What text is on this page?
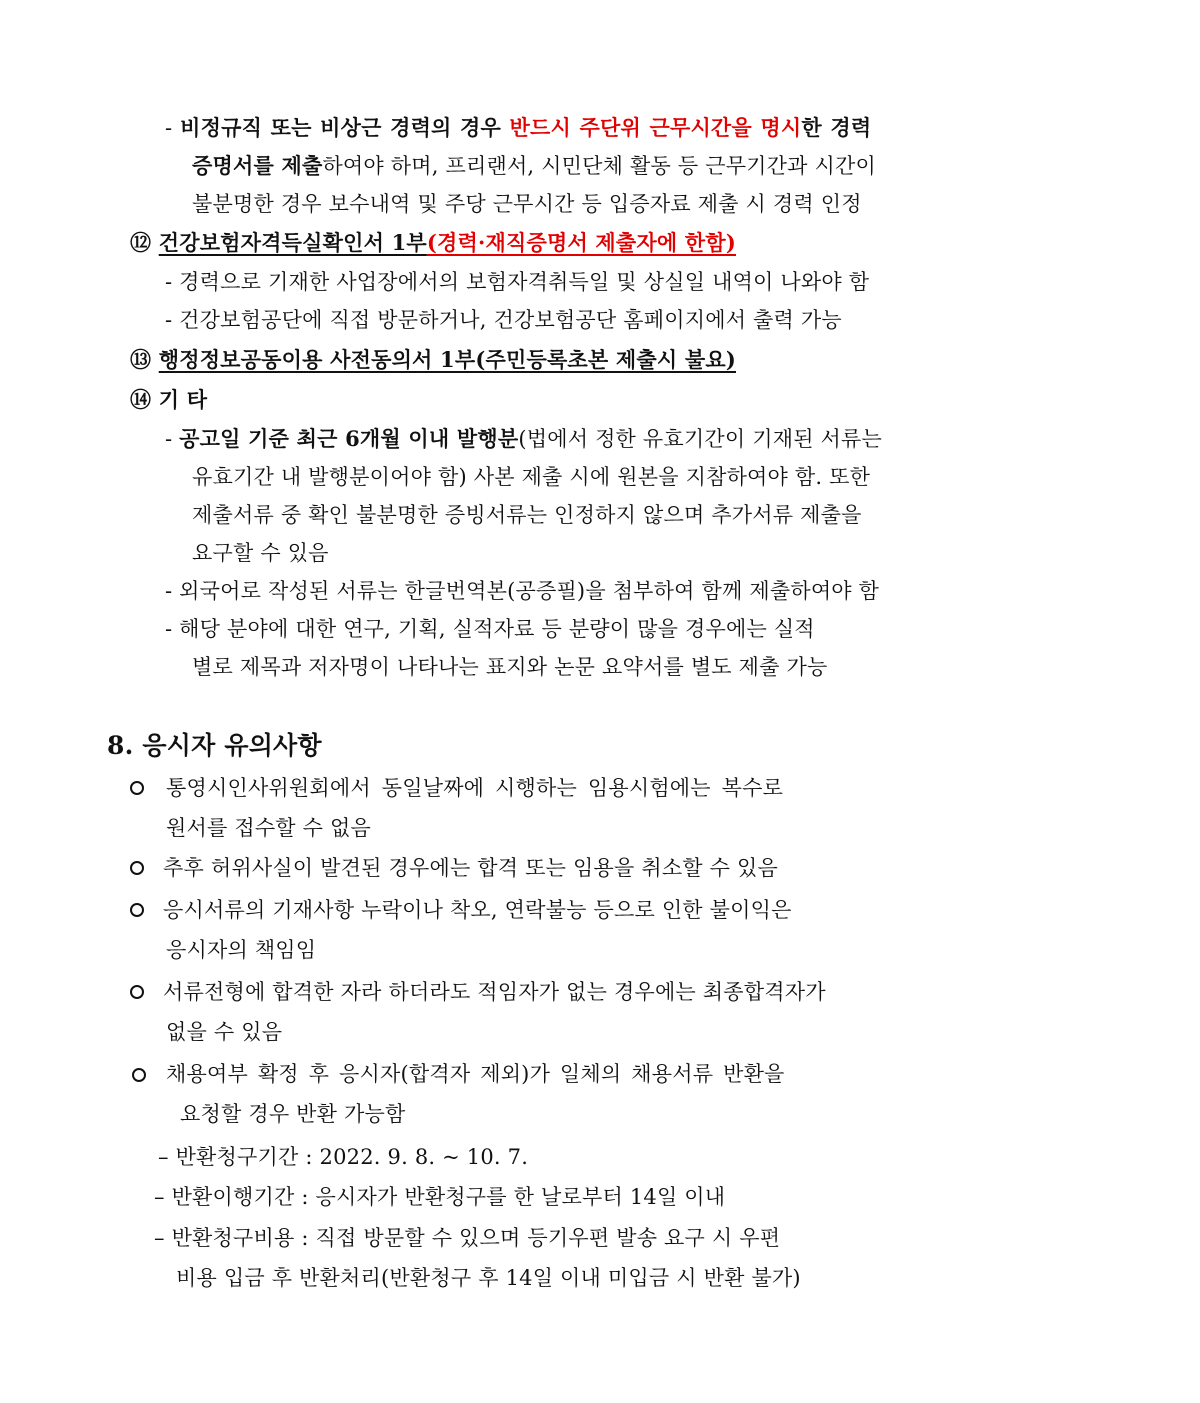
- 비정규직 또는 비상근 경력의 경우 반드시 주단위 근무시간을 명시한 경력
증명서를 제출하여야 하며, 프리랜서, 시민단체 활동 등 근무기간과 시간이
불분명한 경우 보수내역 및 주당 근무시간 등 입증자료 제출 시 경력 인정
⑫ 건강보험자격득실확인서 1부(경력·재직증명서 제출자에 한함)
- 경력으로 기재한 사업장에서의 보험자격취득일 및 상실일 내역이 나와야 함
- 건강보험공단에 직접 방문하거나, 건강보험공단 홈페이지에서 출력 가능
⑬ 행정정보공동이용 사전동의서 1부(주민등록초본 제출시 불요)
⑭ 기 타
- 공고일 기준 최근 6개월 이내 발행분(법에서 정한 유효기간이 기재된 서류는
유효기간 내 발행분이어야 함) 사본 제출 시에 원본을 지참하여야 함. 또한
제출서류 중 확인 불분명한 증빙서류는 인정하지 않으며 추가서류 제출을
요구할 수 있음
- 외국어로 작성된 서류는 한글번역본(공증필)을 첨부하여 함께 제출하여야 함
- 해당 분야에 대한 연구, 기획, 실적자료 등 분량이 많을 경우에는 실적
별로 제목과 저자명이 나타나는 표지와 논문 요약서를 별도 제출 가능
8. 응시자 유의사항
통영시인사위원회에서 동일날짜에 시행하는 임용시험에는 복수로
원서를 접수할 수 없음
추후 허위사실이 발견된 경우에는 합격 또는 임용을 취소할 수 있음
응시서류의 기재사항 누락이나 착오, 연락불능 등으로 인한 불이익은
응시자의 책임임
서류전형에 합격한 자라 하더라도 적임자가 없는 경우에는 최종합격자가
없을 수 있음
채용여부 확정 후 응시자(합격자 제외)가 일체의 채용서류 반환을
요청할 경우 반환 가능함
– 반환청구기간 : 2022. 9. 8. ~ 10. 7.
– 반환이행기간 : 응시자가 반환청구를 한 날로부터 14일 이내
– 반환청구비용 : 직접 방문할 수 있으며 등기우편 발송 요구 시 우편
비용 입금 후 반환처리(반환청구 후 14일 이내 미입금 시 반환 불가)
